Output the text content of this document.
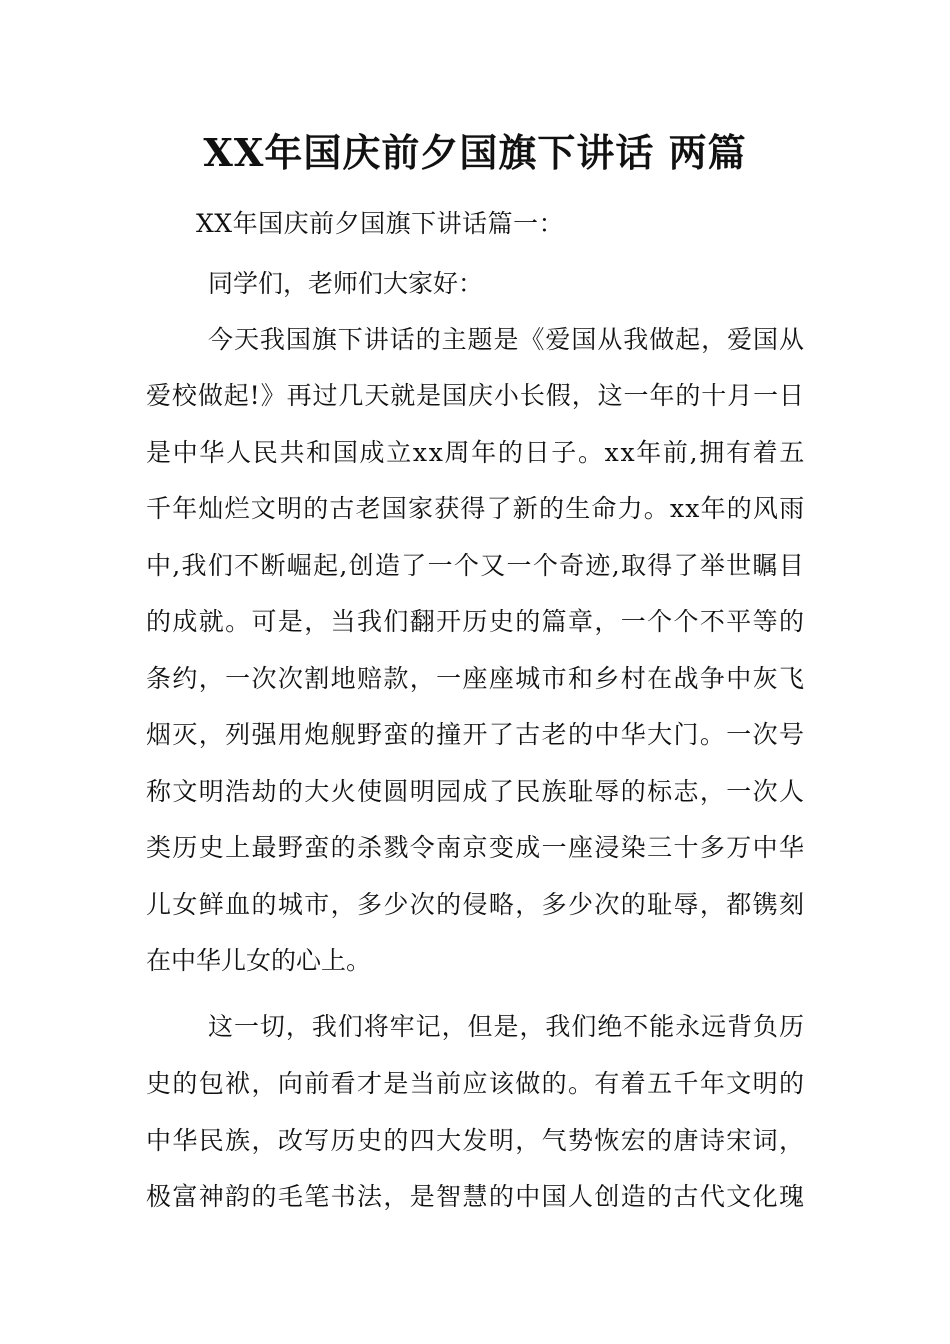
XX年国庆前夕国旗下讲话 两篇
XX年国庆前夕国旗下讲话篇一：
同学们，老师们大家好：
今天我国旗下讲话的主题是《爱国从我做起，爱国从
爱校做起!》再过几天就是国庆小长假，这一年的十月一日
是中华人民共和国成立xx周年的日子。xx年前,拥有着五
千年灿烂文明的古老国家获得了新的生命力。xx年的风雨
中,我们不断崛起,创造了一个又一个奇迹,取得了举世瞩目
的成就。可是，当我们翻开历史的篇章，一个个不平等的
条约，一次次割地赔款，一座座城市和乡村在战争中灰飞
烟灭，列强用炮舰野蛮的撞开了古老的中华大门。一次号
称文明浩劫的大火使圆明园成了民族耻辱的标志，一次人
类历史上最野蛮的杀戮令南京变成一座浸染三十多万中华
儿女鲜血的城市，多少次的侵略，多少次的耻辱，都镌刻
在中华儿女的心上。
这一切，我们将牢记，但是，我们绝不能永远背负历
史的包袱，向前看才是当前应该做的。有着五千年文明的
中华民族，改写历史的四大发明，气势恢宏的唐诗宋词，
极富神韵的毛笔书法，是智慧的中国人创造的古代文化瑰
